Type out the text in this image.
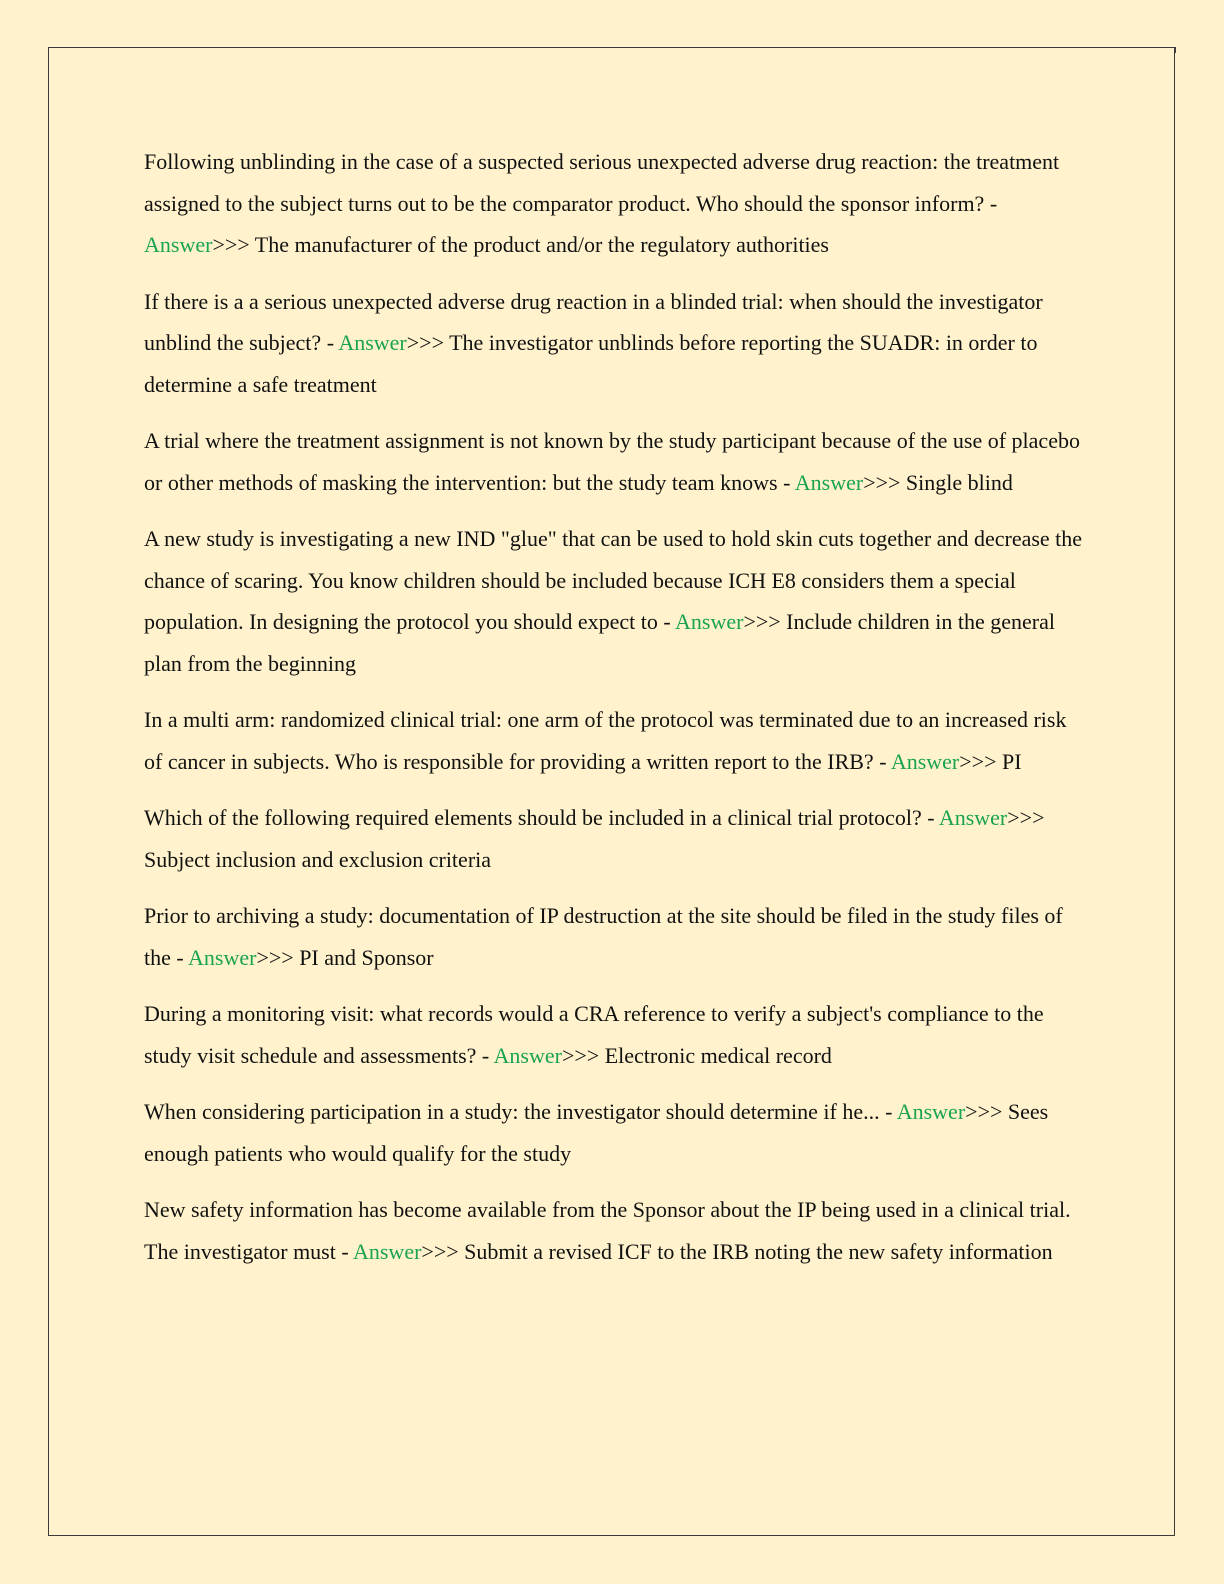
Following unblinding in the case of a suspected serious unexpected adverse drug reaction: the treatment assigned to the subject turns out to be the comparator product. Who should the sponsor inform? - Answer>>> The manufacturer of the product and/or the regulatory authorities

If there is a a serious unexpected adverse drug reaction in a blinded trial: when should the investigator unblind the subject? - Answer>>> The investigator unblinds before reporting the SUADR: in order to determine a safe treatment

A trial where the treatment assignment is not known by the study participant because of the use of placebo or other methods of masking the intervention: but the study team knows - Answer>>> Single blind

A new study is investigating a new IND "glue" that can be used to hold skin cuts together and decrease the chance of scaring. You know children should be included because ICH E8 considers them a special population. In designing the protocol you should expect to - Answer>>> Include children in the general plan from the beginning

In a multi arm: randomized clinical trial: one arm of the protocol was terminated due to an increased risk of cancer in subjects. Who is responsible for providing a written report to the IRB? - Answer>>> PI

Which of the following required elements should be included in a clinical trial protocol? - Answer>>> Subject inclusion and exclusion criteria

Prior to archiving a study: documentation of IP destruction at the site should be filed in the study files of the - Answer>>> PI and Sponsor

During a monitoring visit: what records would a CRA reference to verify a subject's compliance to the study visit schedule and assessments? - Answer>>> Electronic medical record

When considering participation in a study: the investigator should determine if he... - Answer>>> Sees enough patients who would qualify for the study

New safety information has become available from the Sponsor about the IP being used in a clinical trial. The investigator must - Answer>>> Submit a revised ICF to the IRB noting the new safety information
